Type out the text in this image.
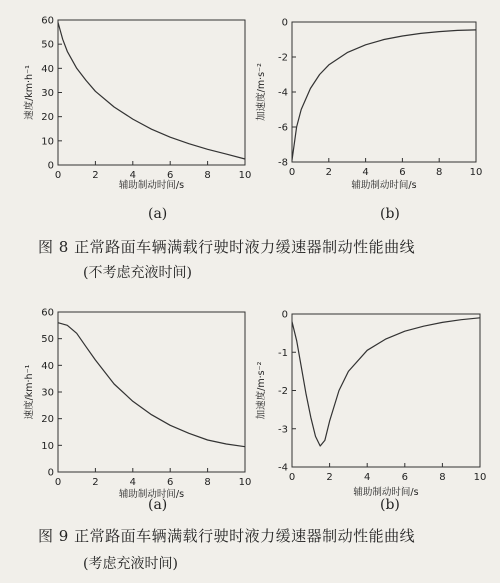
0	2	4	6	8	10
0
10
20
30
40
50
60
辅助制动时间/s
速度/km·h⁻¹
0	2	4	6	8	10
0
-2
-4
-6
-8
辅助制动时间/s
加速度/m·s⁻²
(a)	(b)
图 8 正常路面车辆满载行驶时液力缓速器制动性能曲线
(不考虑充液时间)
0	2	4	6	8	10
0
10
20
30
40
50
60
辅助制动时间/s
速度/km·h⁻¹
0	2	4	6	8	10
0
-1
-2
-3
-4
辅助制动时间/s
加速度/m·s⁻²
(a)	(b)
图 9 正常路面车辆满载行驶时液力缓速器制动性能曲线
(考虑充液时间)
